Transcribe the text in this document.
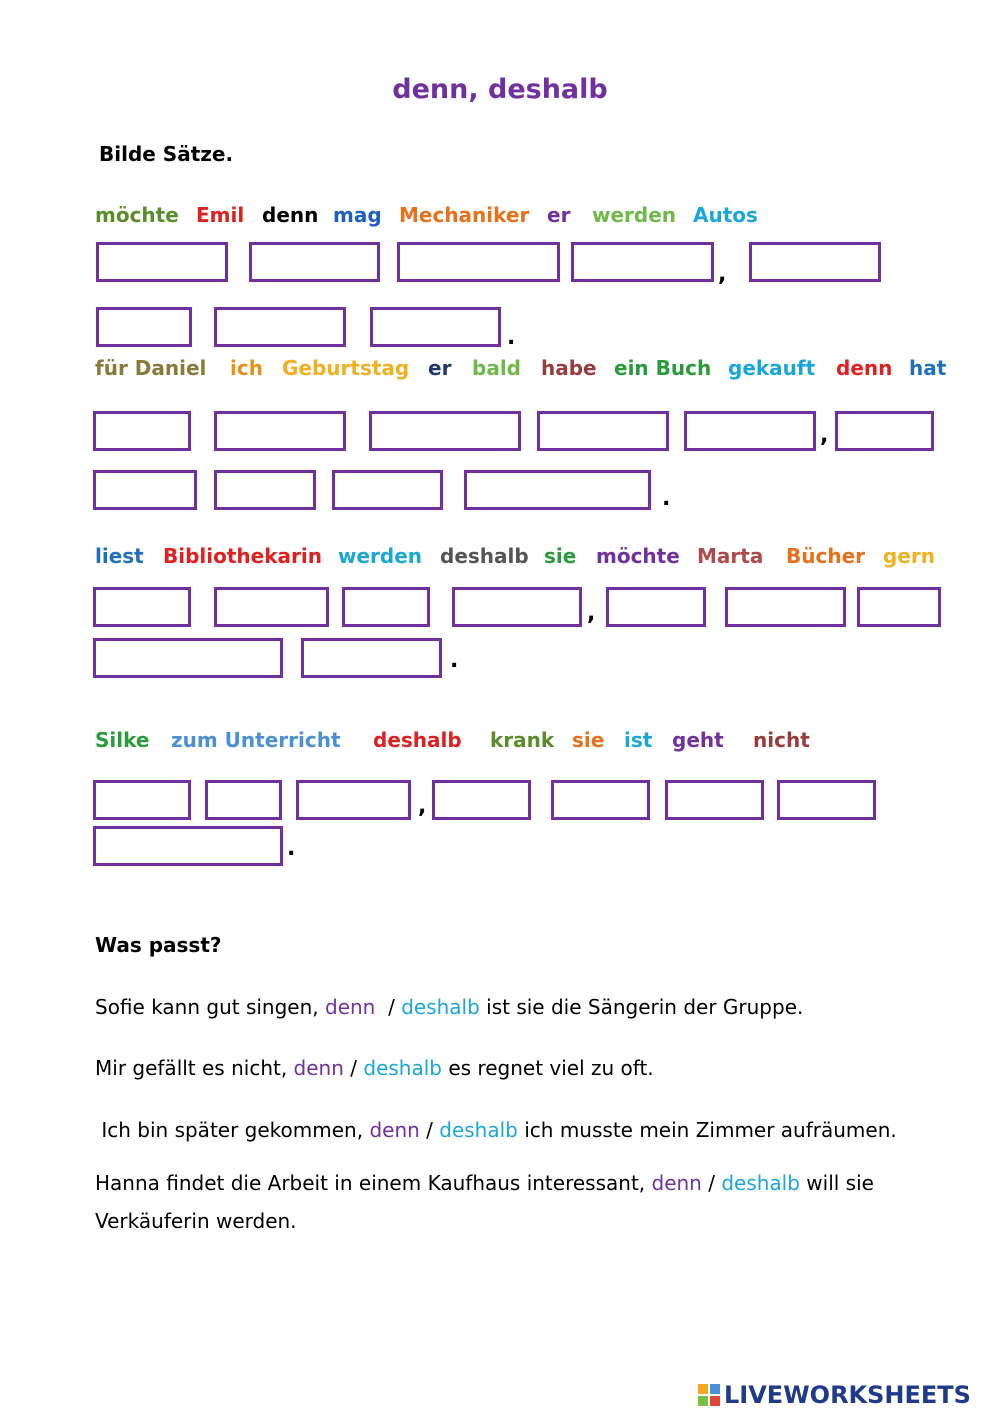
denn, deshalb
Bilde Sätze.
möchte Emil denn mag Mechaniker er werden Autos
,
.
für Daniel ich Geburtstag er bald habe ein Buch gekauft denn hat
,
.
liest Bibliothekarin werden deshalb sie möchte Marta Bücher gern
,
.
Silke zum Unterricht deshalb krank sie ist geht nicht
,
.
Was passt?
Sofie kann gut singen, denn / deshalb ist sie die Sängerin der Gruppe.
Mir gefällt es nicht, denn / deshalb es regnet viel zu oft.
Ich bin später gekommen, denn / deshalb ich musste mein Zimmer aufräumen.
Hanna findet die Arbeit in einem Kaufhaus interessant, denn / deshalb will sie
Verkäuferin werden.
LIVEWORKSHEETS
